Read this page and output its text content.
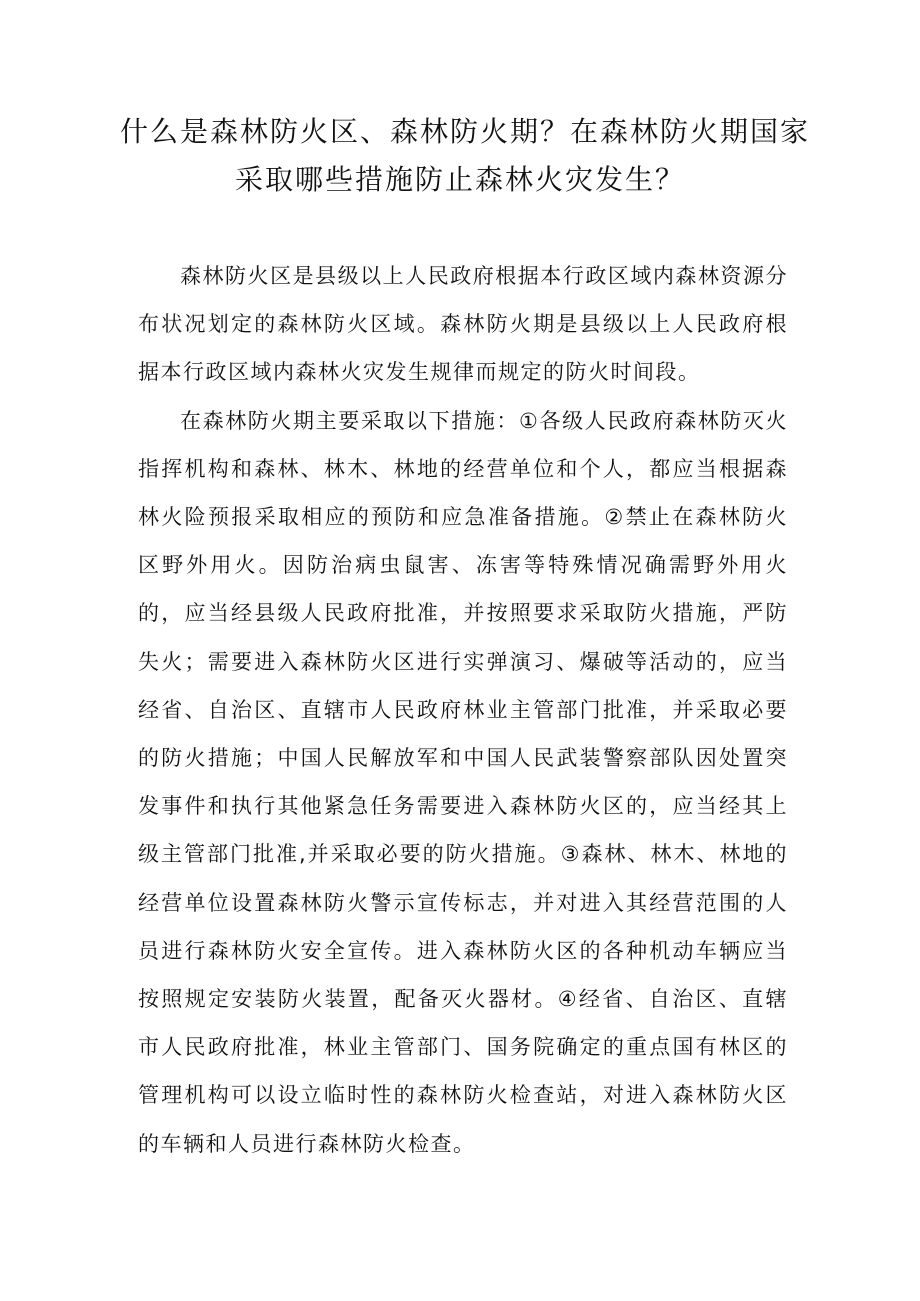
什么是森林防火区、森林防火期？在森林防火期国家
采取哪些措施防止森林火灾发生？

森林防火区是县级以上人民政府根据本行政区域内森林资源分布状况划定的森林防火区域。森林防火期是县级以上人民政府根据本行政区域内森林火灾发生规律而规定的防火时间段。

在森林防火期主要采取以下措施：①各级人民政府森林防灭火指挥机构和森林、林木、林地的经营单位和个人，都应当根据森林火险预报采取相应的预防和应急准备措施。②禁止在森林防火区野外用火。因防治病虫鼠害、冻害等特殊情况确需野外用火的，应当经县级人民政府批准，并按照要求采取防火措施，严防失火；需要进入森林防火区进行实弹演习、爆破等活动的，应当经省、自治区、直辖市人民政府林业主管部门批准，并采取必要的防火措施；中国人民解放军和中国人民武装警察部队因处置突发事件和执行其他紧急任务需要进入森林防火区的，应当经其上级主管部门批准,并采取必要的防火措施。③森林、林木、林地的经营单位设置森林防火警示宣传标志，并对进入其经营范围的人员进行森林防火安全宣传。进入森林防火区的各种机动车辆应当按照规定安装防火装置，配备灭火器材。④经省、自治区、直辖市人民政府批准，林业主管部门、国务院确定的重点国有林区的管理机构可以设立临时性的森林防火检查站，对进入森林防火区的车辆和人员进行森林防火检查。
